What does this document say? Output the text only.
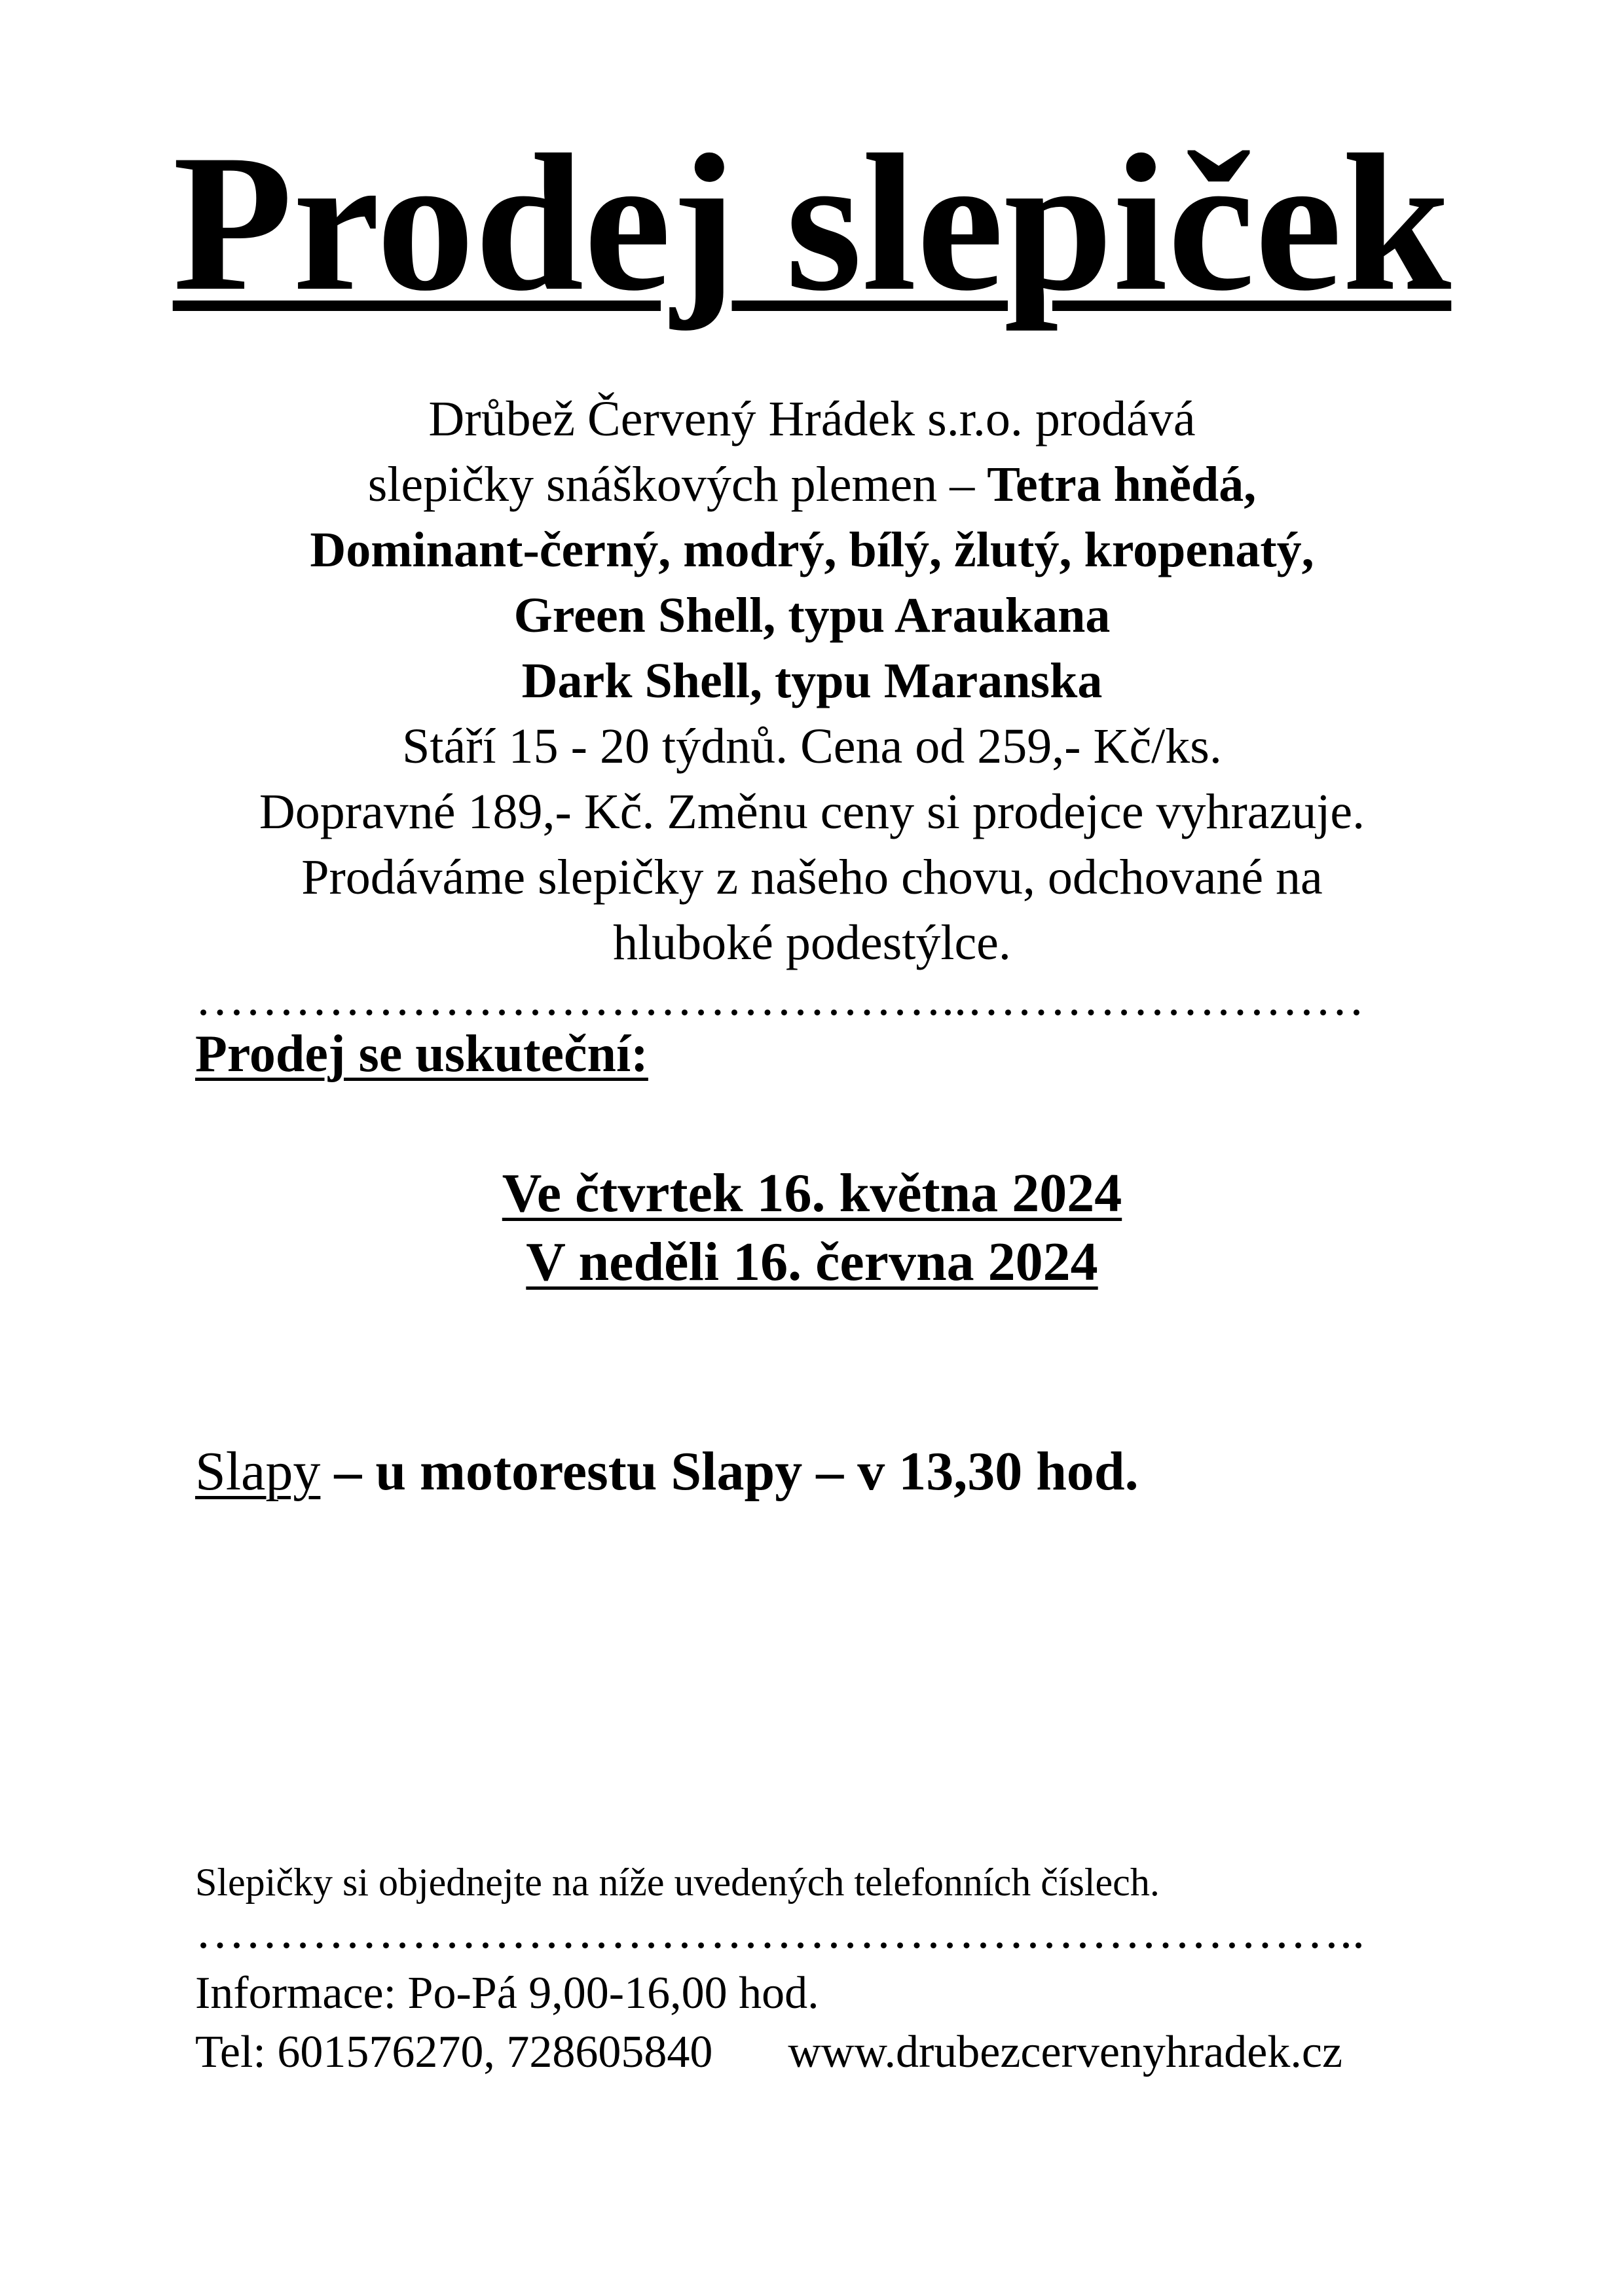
Prodej slepiček
Drůbež Červený Hrádek s.r.o. prodává
slepičky snáškových plemen – Tetra hnědá,
Dominant-černý, modrý, bílý, žlutý, kropenatý,
Green Shell, typu Araukana
Dark Shell, typu Maranska
Stáří 15 - 20 týdnů. Cena od 259,- Kč/ks.
Dopravné 189,- Kč. Změnu ceny si prodejce vyhrazuje.
Prodáváme slepičky z našeho chovu, odchované na
hluboké podestýlce.
………………………………………..……………………
Prodej se uskuteční:
Ve čtvrtek 16. května 2024
V neděli 16. června 2024
Slapy – u motorestu Slapy – v 13,30 hod.
Slepičky si objednejte na níže uvedených telefonních číslech.
……………………………………………………………..
Informace: Po-Pá 9,00-16,00 hod.
Tel: 601576270, 728605840 www.drubezcervenyhradek.cz
